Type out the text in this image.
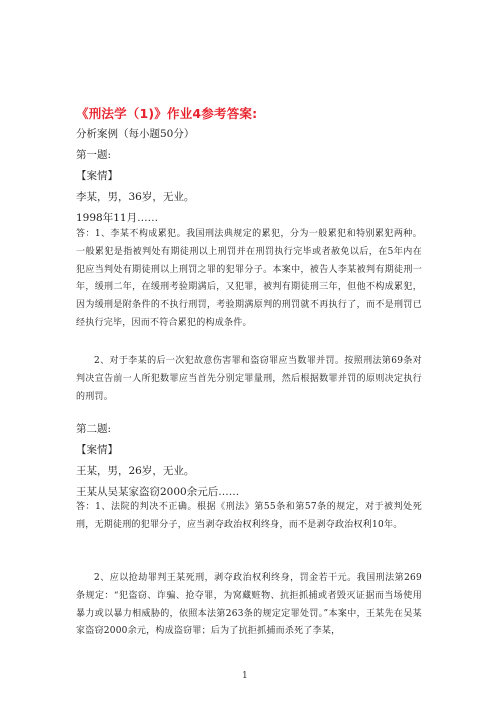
《刑法学（1)》作业4参考答案:
分析案例（每小题50分）
第一题:
【案情】
李某，男，36岁，无业。
1998年11月……
答：1、李某不构成累犯。我国刑法典规定的累犯，分为一般累犯和特别累犯两种。一般累犯是指被判处有期徒刑以上刑罚并在刑罚执行完毕或者赦免以后，在5年内在犯应当判处有期徒刑以上刑罚之罪的犯罪分子。本案中，被告人李某被判有期徒刑一年，缓刑二年，在缓刑考验期满后，又犯罪，被判有期徒刑三年，但他不构成累犯，因为缓刑是附条件的不执行刑罚，考验期满原判的刑罚就不再执行了，而不是刑罚已经执行完毕，因而不符合累犯的构成条件。
2、对于李某的后一次犯故意伤害罪和盗窃罪应当数罪并罚。按照刑法第69条对判决宣告前一人所犯数罪应当首先分别定罪量刑，然后根据数罪并罚的原则决定执行的刑罚。
第二题:
【案情】
王某，男，26岁，无业。
王某从吴某家盗窃2000余元后……
答：1、法院的判决不正确。根据《刑法》第55条和第57条的规定，对于被判处死刑，无期徒刑的犯罪分子，应当剥夺政治权利终身，而不是剥夺政治权利10年。
2、应以抢劫罪判王某死刑，剥夺政治权利终身，罚金若干元。我国刑法第269条规定：“犯盗窃、诈骗、抢夺罪，为窝藏赃物、抗拒抓捕或者毁灭证据而当场使用暴力或以暴力相威胁的，依照本法第263条的规定定罪处罚。”本案中，王某先在吴某家盗窃2000余元，构成盗窃罪；后为了抗拒抓捕而杀死了李某，
1
